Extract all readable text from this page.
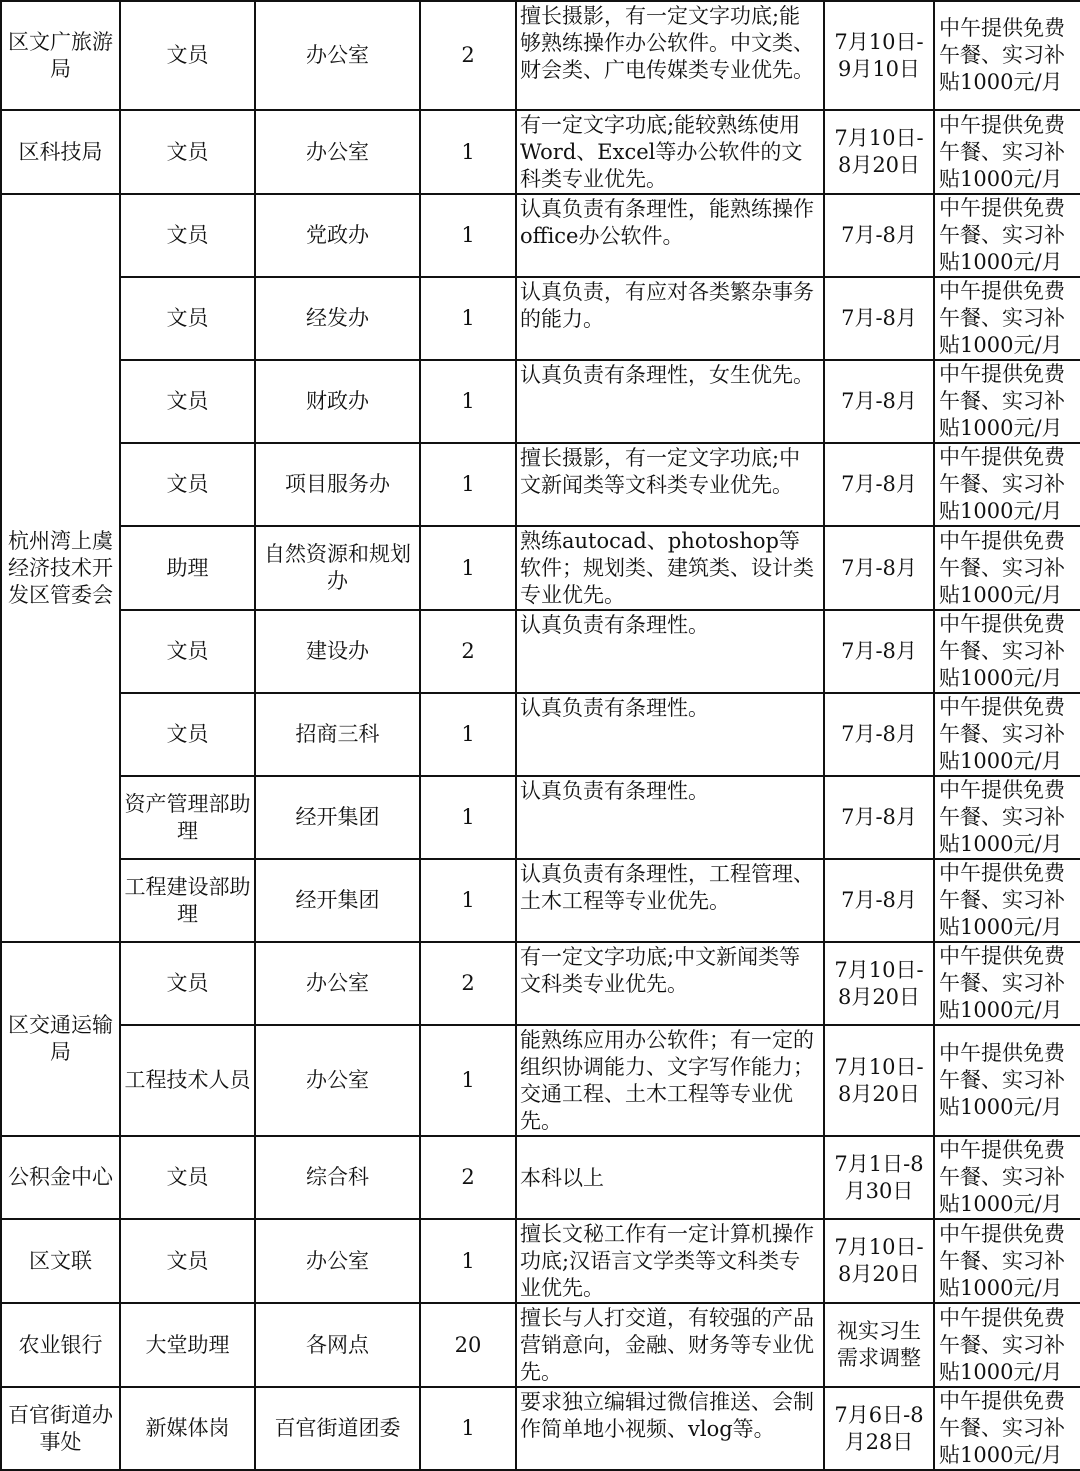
区文广旅游局	文员	办公室	2	擅长摄影，有一定文字功底;能够熟练操作办公软件。中文类、财会类、广电传媒类专业优先。	7月10日-9月10日	中午提供免费午餐、实习补贴1000元/月
区科技局	文员	办公室	1	有一定文字功底;能较熟练使用Word、Excel等办公软件的文科类专业优先。	7月10日-8月20日	中午提供免费午餐、实习补贴1000元/月
杭州湾上虞经济技术开发区管委会	文员	党政办	1	认真负责有条理性，能熟练操作office办公软件。	7月-8月	中午提供免费午餐、实习补贴1000元/月
	文员	经发办	1	认真负责，有应对各类繁杂事务的能力。	7月-8月	中午提供免费午餐、实习补贴1000元/月
	文员	财政办	1	认真负责有条理性，女生优先。	7月-8月	中午提供免费午餐、实习补贴1000元/月
	文员	项目服务办	1	擅长摄影，有一定文字功底;中文新闻类等文科类专业优先。	7月-8月	中午提供免费午餐、实习补贴1000元/月
	助理	自然资源和规划办	1	熟练autocad、photoshop等软件；规划类、建筑类、设计类专业优先。	7月-8月	中午提供免费午餐、实习补贴1000元/月
	文员	建设办	2	认真负责有条理性。	7月-8月	中午提供免费午餐、实习补贴1000元/月
	文员	招商三科	1	认真负责有条理性。	7月-8月	中午提供免费午餐、实习补贴1000元/月
	资产管理部助理	经开集团	1	认真负责有条理性。	7月-8月	中午提供免费午餐、实习补贴1000元/月
	工程建设部助理	经开集团	1	认真负责有条理性，工程管理、土木工程等专业优先。	7月-8月	中午提供免费午餐、实习补贴1000元/月
区交通运输局	文员	办公室	2	有一定文字功底;中文新闻类等文科类专业优先。	7月10日-8月20日	中午提供免费午餐、实习补贴1000元/月
	工程技术人员	办公室	1	能熟练应用办公软件；有一定的组织协调能力、文字写作能力；交通工程、土木工程等专业优先。	7月10日-8月20日	中午提供免费午餐、实习补贴1000元/月
公积金中心	文员	综合科	2	本科以上	7月1日-8月30日	中午提供免费午餐、实习补贴1000元/月
区文联	文员	办公室	1	擅长文秘工作有一定计算机操作功底;汉语言文学类等文科类专业优先。	7月10日-8月20日	中午提供免费午餐、实习补贴1000元/月
农业银行	大堂助理	各网点	20	擅长与人打交道，有较强的产品营销意向，金融、财务等专业优先。	视实习生需求调整	中午提供免费午餐、实习补贴1000元/月
百官街道办事处	新媒体岗	百官街道团委	1	要求独立编辑过微信推送、会制作简单地小视频、vlog等。	7月6日-8月28日	中午提供免费午餐、实习补贴1000元/月
